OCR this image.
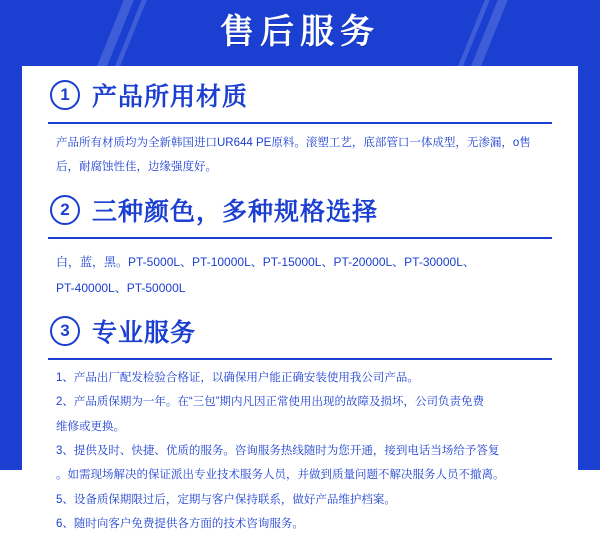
售后服务
1 产品所用材质

产品所有材质均为全新韩国进口UR644 PE原料。滚塑工艺，底部管口一体成型，无渗漏，o售

后，耐腐蚀性佳，边缘强度好。

2 三种颜色，多种规格选择

白，蓝，黑。PT-5000L、PT-10000L、PT-15000L、PT-20000L、PT-30000L、

PT-40000L、PT-50000L

3 专业服务

1、产品出厂配发检验合格证，以确保用户能正确安装使用我公司产品。

2、产品质保期为一年。在“三包”期内凡因正常使用出现的故障及损坏，公司负责免费

维修或更换。

3、提供及时、快捷、优质的服务。咨询服务热线随时为您开通，接到电话当场给予答复

。如需现场解决的保证派出专业技术服务人员，并做到质量问题不解决服务人员不撤离。

5、设备质保期限过后，定期与客户保持联系，做好产品维护档案。

6、随时向客户免费提供各方面的技术咨询服务。
